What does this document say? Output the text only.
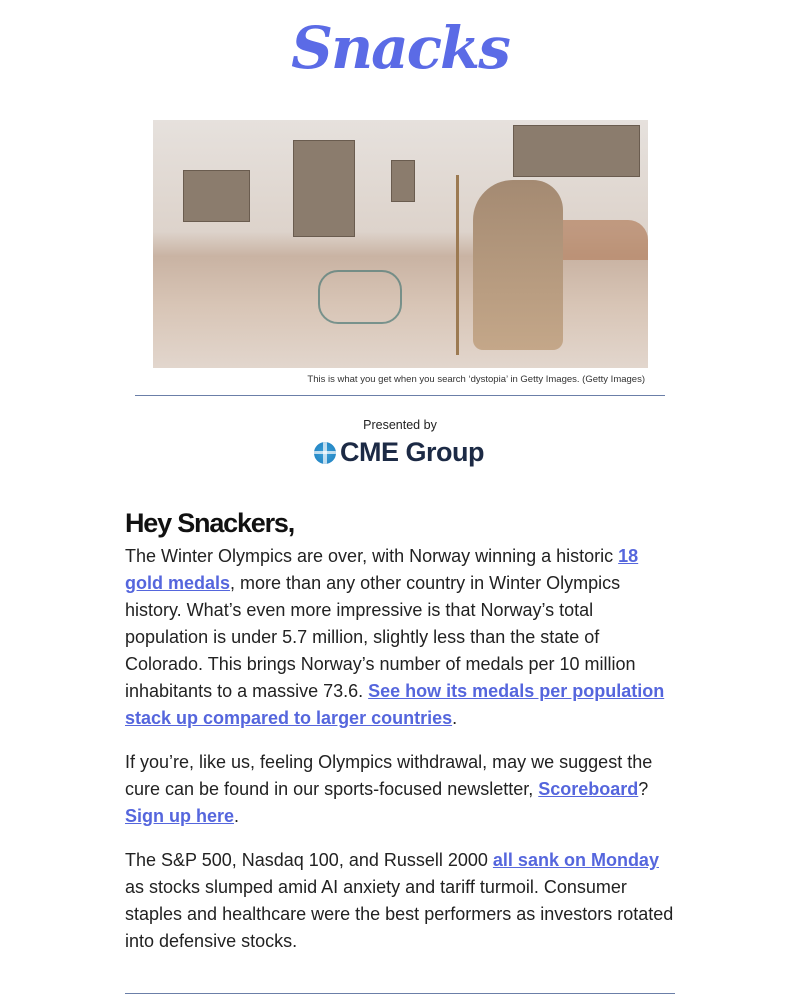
Snacks
This is what you get when you search ‘dystopia’ in Getty Images. (Getty Images)
Presented by
CME Group
Hey Snackers,

The Winter Olympics are over, with Norway winning a historic 18 gold medals, more than any other country in Winter Olympics history. What’s even more impressive is that Norway’s total population is under 5.7 million, slightly less than the state of Colorado. This brings Norway’s number of medals per 10 million inhabitants to a massive 73.6. See how its medals per population stack up compared to larger countries.

If you’re, like us, feeling Olympics withdrawal, may we suggest the cure can be found in our sports-focused newsletter, Scoreboard? Sign up here.

The S&P 500, Nasdaq 100, and Russell 2000 all sank on Monday as stocks slumped amid AI anxiety and tariff turmoil. Consumer staples and healthcare were the best performers as investors rotated into defensive stocks.
